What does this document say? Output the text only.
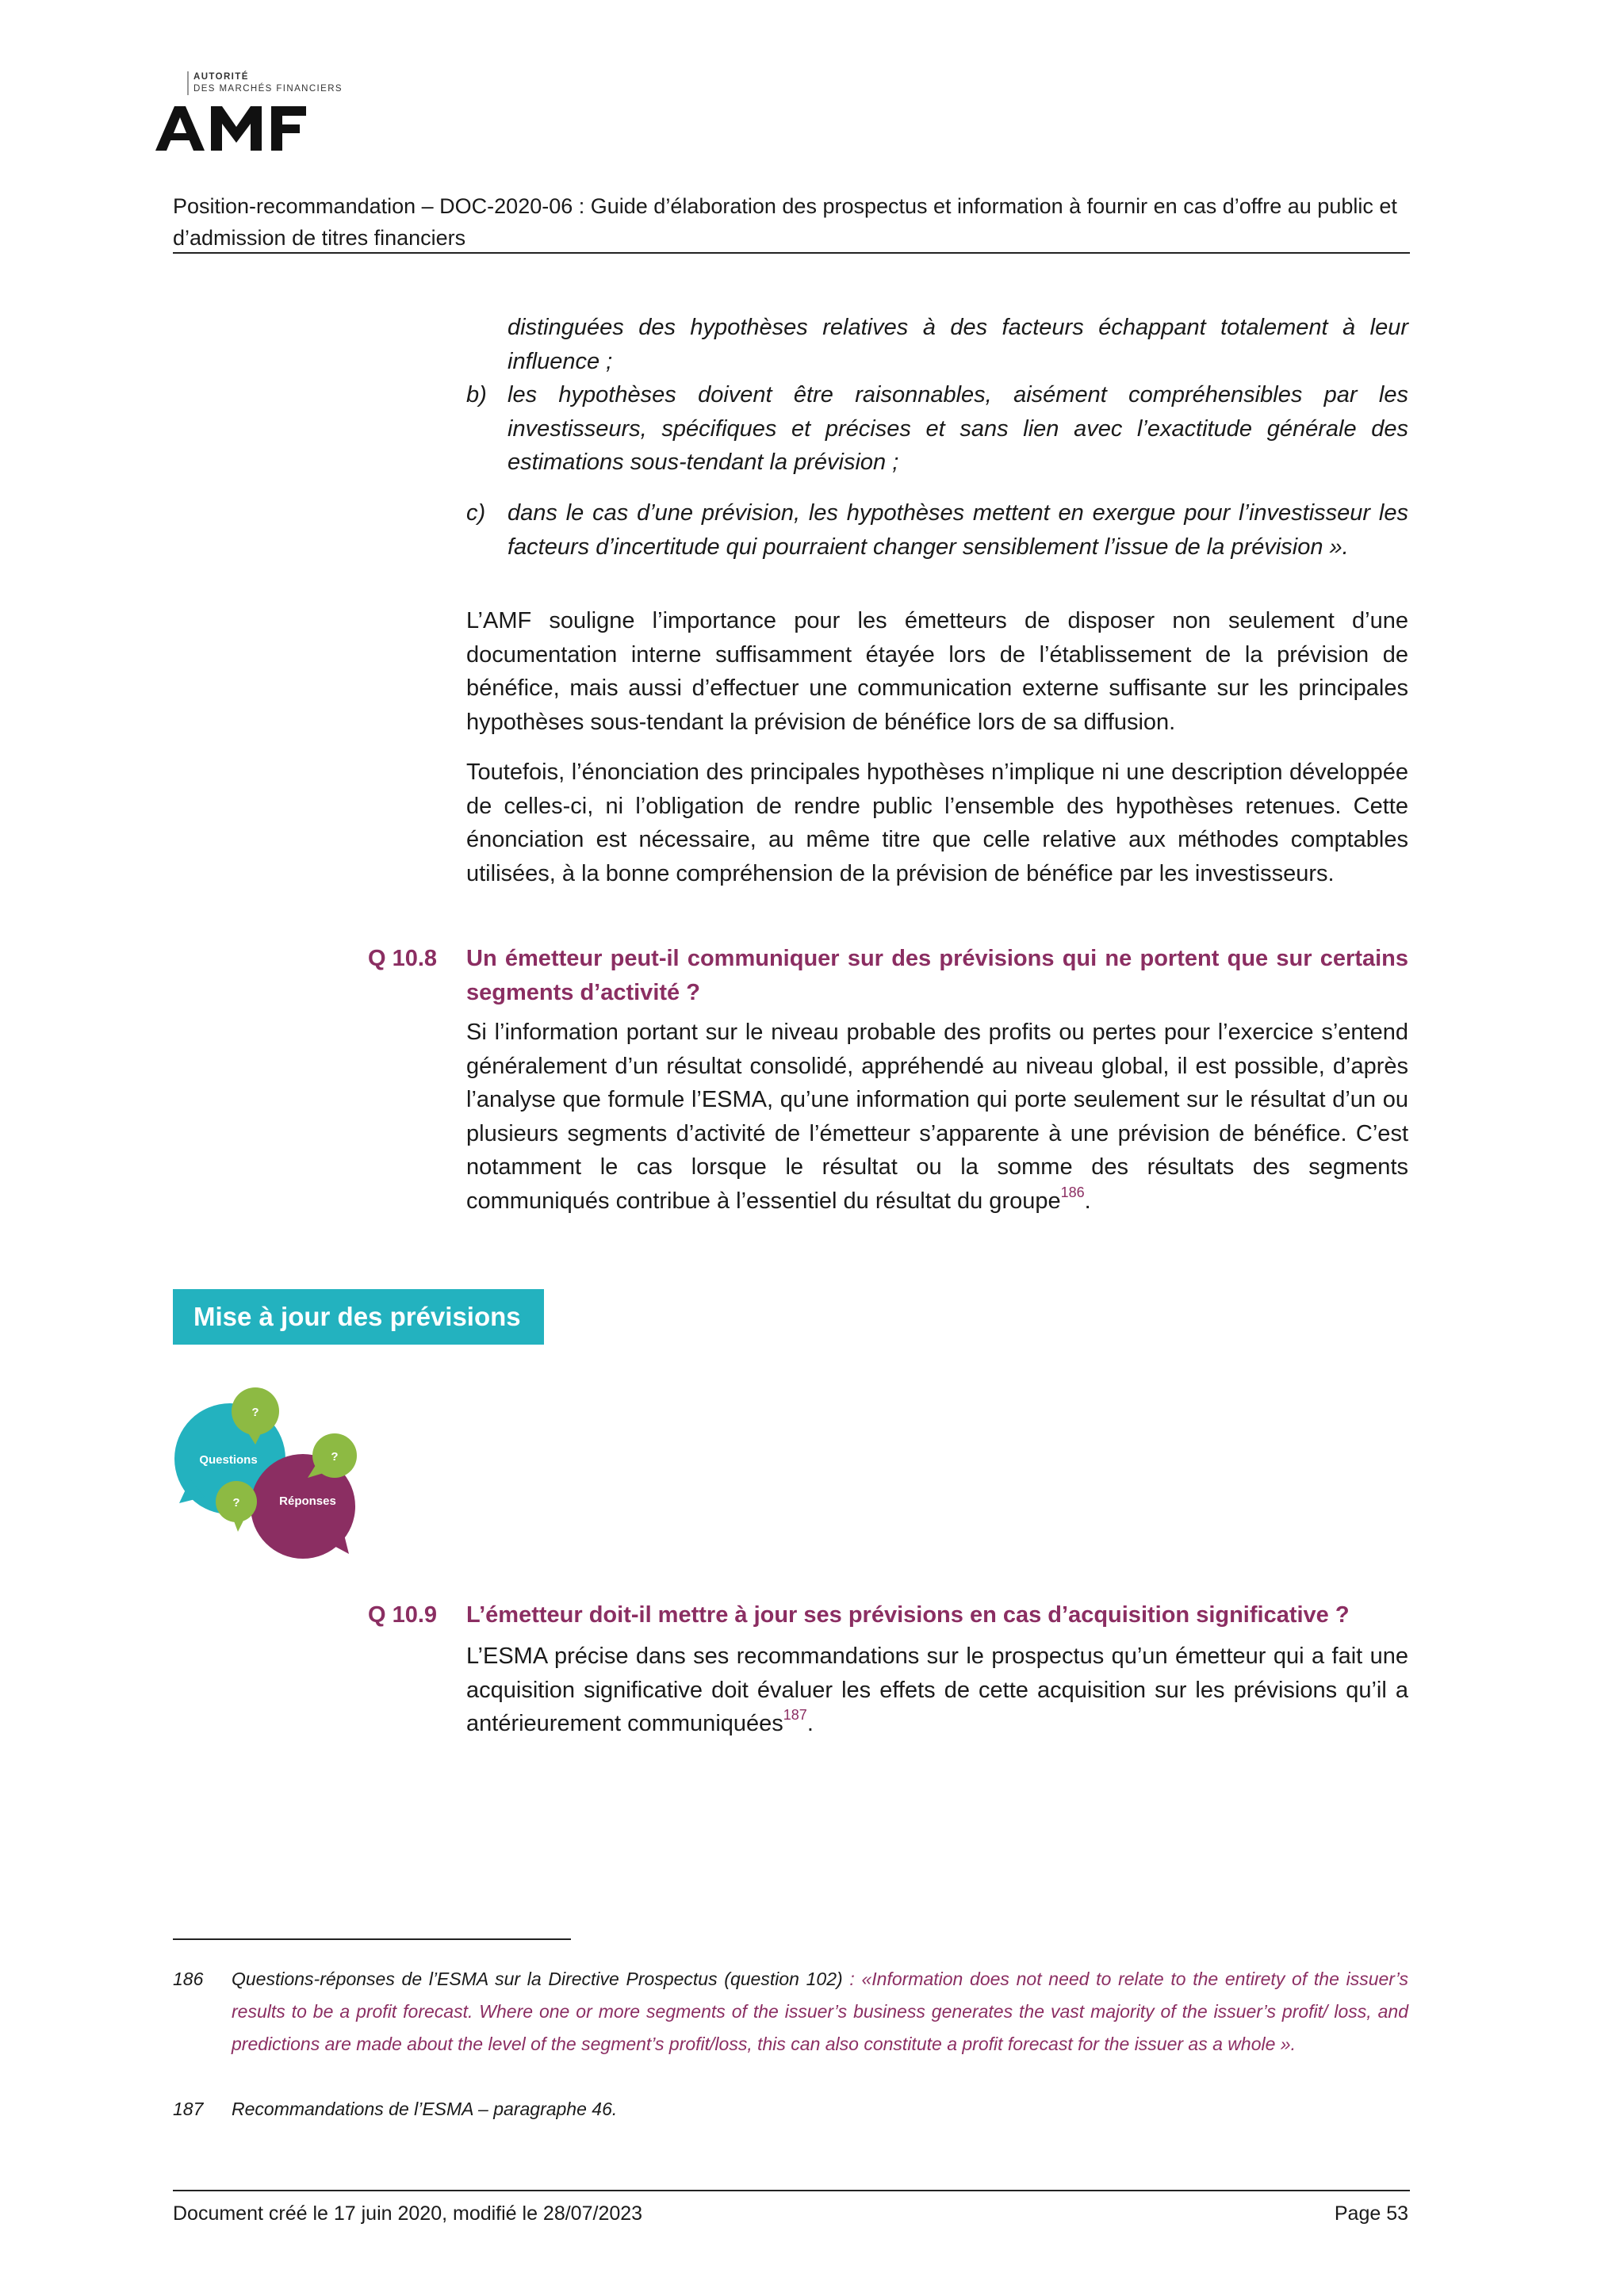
AUTORITÉ
DES MARCHÉS FINANCIERS
Position-recommandation – DOC-2020-06 : Guide d’élaboration des prospectus et information à fournir en cas d’offre au public et d’admission de titres financiers
distinguées des hypothèses relatives à des facteurs échappant totalement à leur influence ;
b) les hypothèses doivent être raisonnables, aisément compréhensibles par les investisseurs, spécifiques et précises et sans lien avec l’exactitude générale des estimations sous-tendant la prévision ;
c) dans le cas d’une prévision, les hypothèses mettent en exergue pour l’investisseur les facteurs d’incertitude qui pourraient changer sensiblement l’issue de la prévision ».
L’AMF souligne l’importance pour les émetteurs de disposer non seulement d’une documentation interne suffisamment étayée lors de l’établissement de la prévision de bénéfice, mais aussi d’effectuer une communication externe suffisante sur les principales hypothèses sous-tendant la prévision de bénéfice lors de sa diffusion.
Toutefois, l’énonciation des principales hypothèses n’implique ni une description développée de celles-ci, ni l’obligation de rendre public l’ensemble des hypothèses retenues. Cette énonciation est nécessaire, au même titre que celle relative aux méthodes comptables utilisées, à la bonne compréhension de la prévision de bénéfice par les investisseurs.
Q 10.8 Un émetteur peut-il communiquer sur des prévisions qui ne portent que sur certains segments d’activité ?
Si l’information portant sur le niveau probable des profits ou pertes pour l’exercice s’entend généralement d’un résultat consolidé, appréhendé au niveau global, il est possible, d’après l’analyse que formule l’ESMA, qu’une information qui porte seulement sur le résultat d’un ou plusieurs segments d’activité de l’émetteur s’apparente à une prévision de bénéfice. C’est notamment le cas lorsque le résultat ou la somme des résultats des segments communiqués contribue à l’essentiel du résultat du groupe$^{186}$.
Mise à jour des prévisions
?
?
?
Questions
Réponses
Q 10.9 L’émetteur doit-il mettre à jour ses prévisions en cas d’acquisition significative ?
L’ESMA précise dans ses recommandations sur le prospectus qu’un émetteur qui a fait une acquisition significative doit évaluer les effets de cette acquisition sur les prévisions qu’il a antérieurement communiquées$^{187}$.
186 Questions-réponses de l’ESMA sur la Directive Prospectus (question 102) : «Information does not need to relate to the entirety of the issuer’s results to be a profit forecast. Where one or more segments of the issuer’s business generates the vast majority of the issuer’s profit/ loss, and predictions are made about the level of the segment’s profit/loss, this can also constitute a profit forecast for the issuer as a whole ».
187 Recommandations de l’ESMA – paragraphe 46.
Document créé le 17 juin 2020, modifié le 28/07/2023	Page 53
